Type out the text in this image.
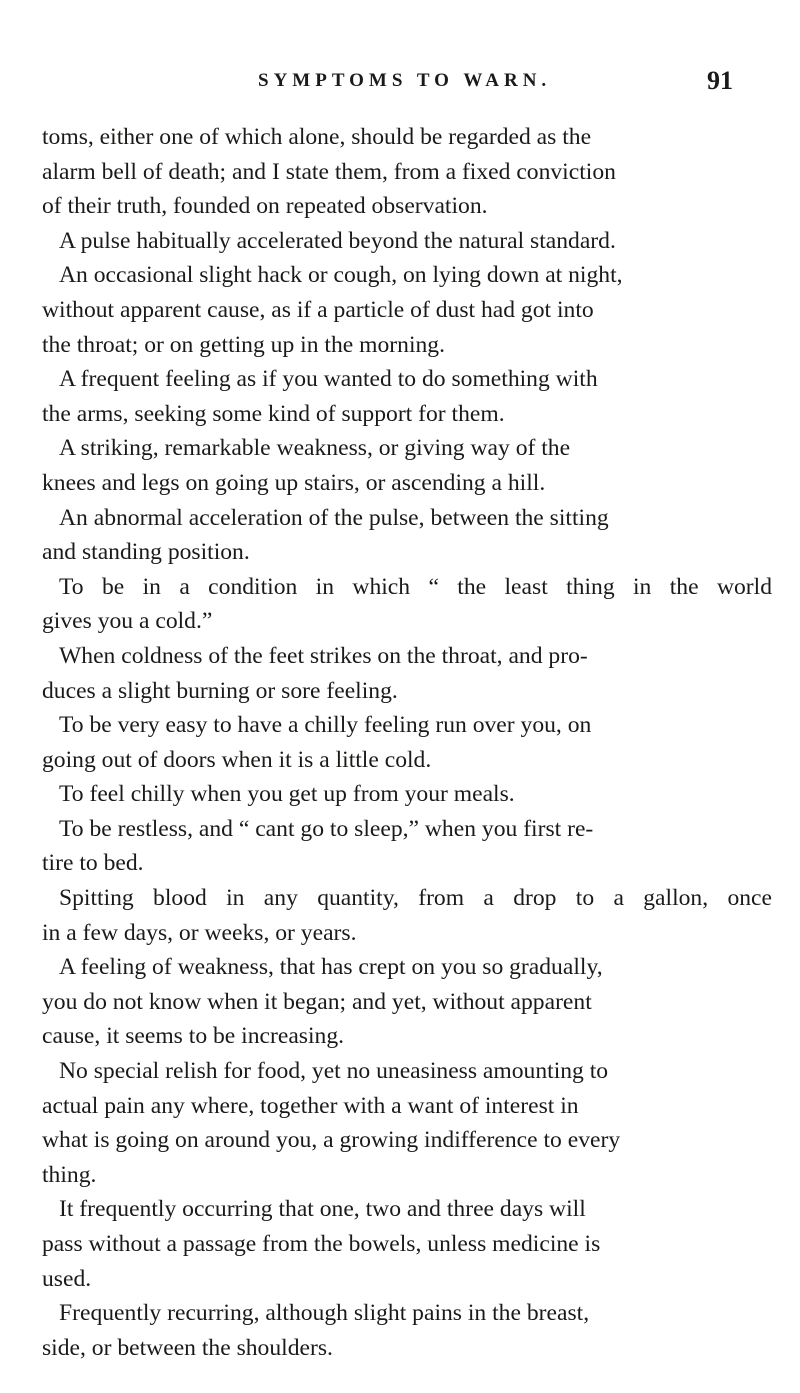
SYMPTOMS TO WARN.	91
toms, either one of which alone, should be regarded as the
alarm bell of death; and I state them, from a fixed conviction
of their truth, founded on repeated observation.
A pulse habitually accelerated beyond the natural standard.
An occasional slight hack or cough, on lying down at night,
without apparent cause, as if a particle of dust had got into
the throat; or on getting up in the morning.
A frequent feeling as if you wanted to do something with
the arms, seeking some kind of support for them.
A striking, remarkable weakness, or giving way of the
knees and legs on going up stairs, or ascending a hill.
An abnormal acceleration of the pulse, between the sitting
and standing position.
To be in a condition in which “ the least thing in the world
gives you a cold.”
When coldness of the feet strikes on the throat, and pro-
duces a slight burning or sore feeling.
To be very easy to have a chilly feeling run over you, on
going out of doors when it is a little cold.
To feel chilly when you get up from your meals.
To be restless, and “ cant go to sleep,” when you first re-
tire to bed.
Spitting blood in any quantity, from a drop to a gallon, once
in a few days, or weeks, or years.
A feeling of weakness, that has crept on you so gradually,
you do not know when it began; and yet, without apparent
cause, it seems to be increasing.
No special relish for food, yet no uneasiness amounting to
actual pain any where, together with a want of interest in
what is going on around you, a growing indifference to every
thing.
It frequently occurring that one, two and three days will
pass without a passage from the bowels, unless medicine is
used.
Frequently recurring, although slight pains in the breast,
side, or between the shoulders.
